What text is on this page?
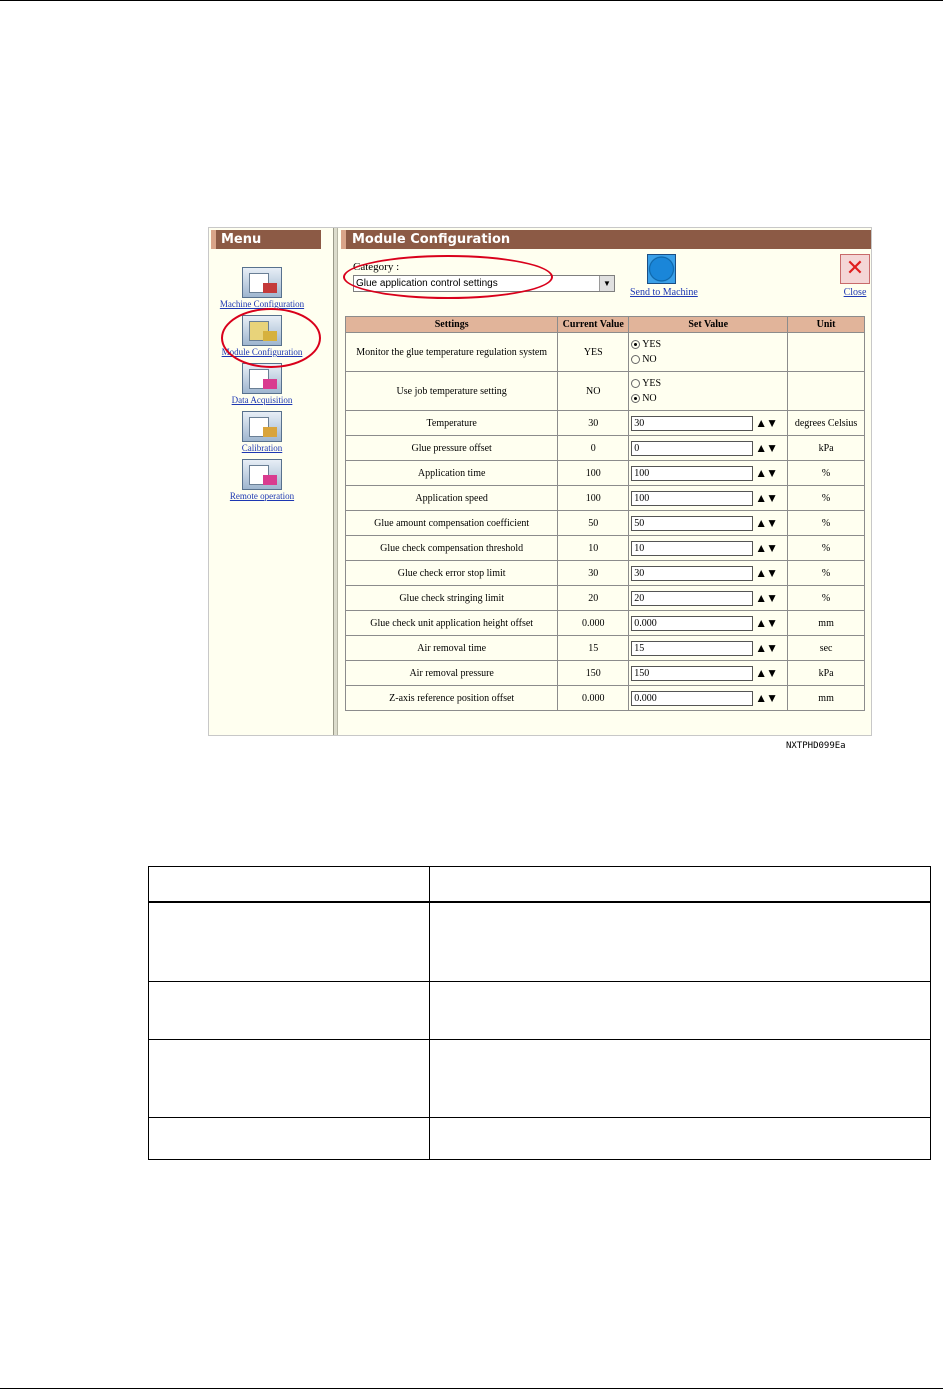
Menu
Machine Configuration
Module Configuration
Data Acquisition
Calibration
Remote operation
Module Configuration
Category :
Glue application control settings	▼
Send to Machine
✕
Close
Settings	Current Value	Set Value	Unit
Monitor the glue temperature regulation system	YES	YES
NO	

Use job temperature setting	NO	YES
NO	

Temperature	30	30 ▲▼	degrees Celsius
Glue pressure offset	0	0 ▲▼	kPa
Application time	100	100 ▲▼	%
Application speed	100	100 ▲▼	%
Glue amount compensation coefficient	50	50 ▲▼	%
Glue check compensation threshold	10	10 ▲▼	%
Glue check error stop limit	30	30 ▲▼	%
Glue check stringing limit	20	20 ▲▼	%
Glue check unit application height offset	0.000	0.000 ▲▼	mm
Air removal time	15	15 ▲▼	sec
Air removal pressure	150	150 ▲▼	kPa
Z-axis reference position offset	0.000	0.000 ▲▼	mm
NXTPHD099Ea
